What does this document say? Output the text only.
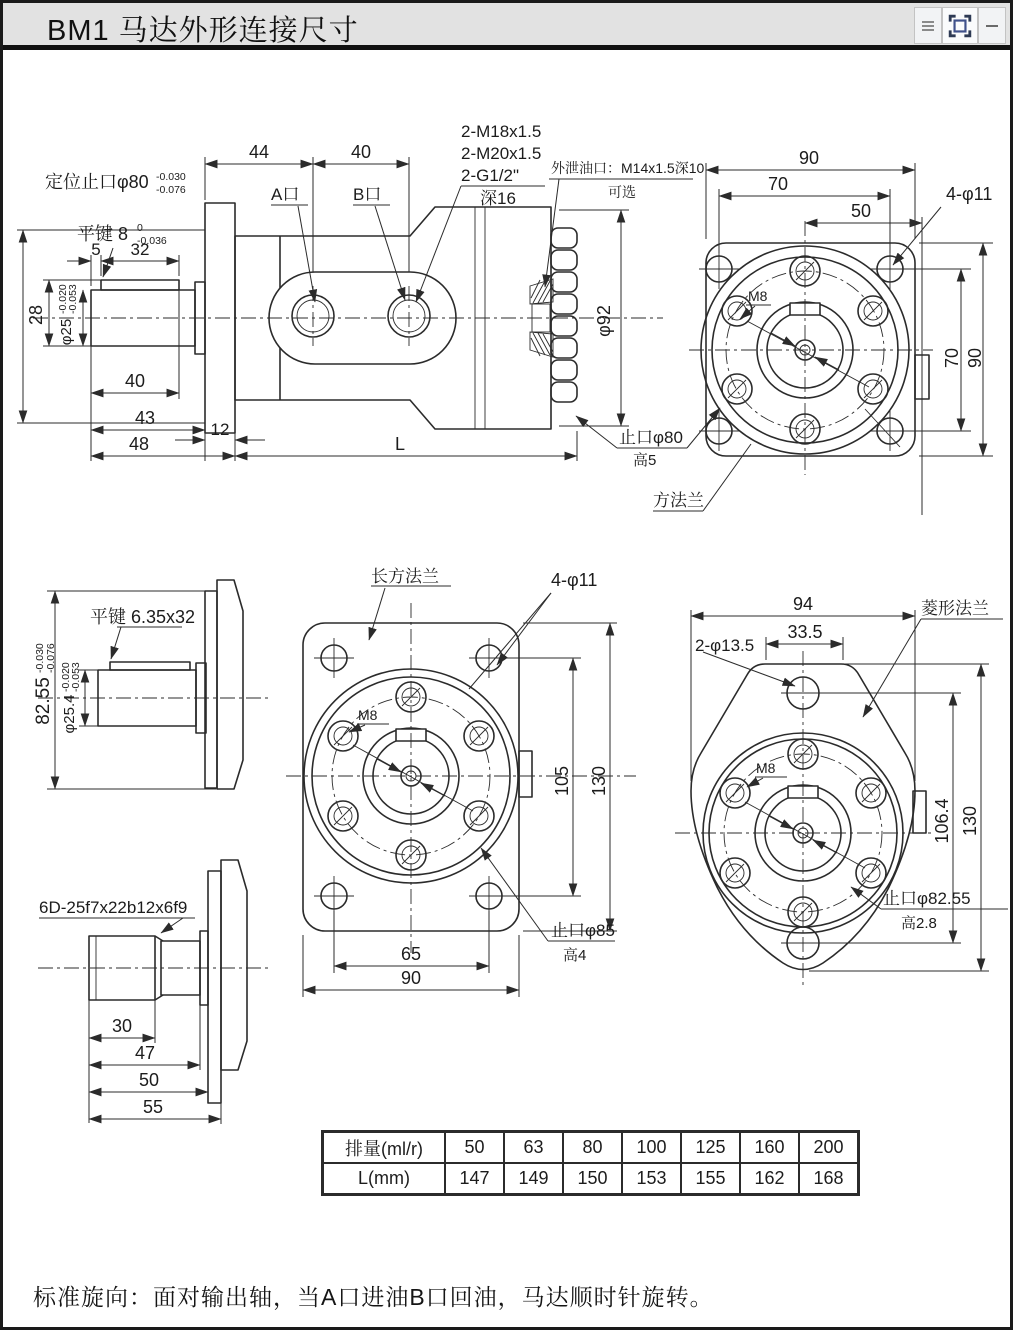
BM1 马达外形连接尺寸
定位止口φ80 -0.030
-0.076
平键 8 0
-0.036
5 32
28
φ25
-0.020
-0.053
44	40
A口	B口
2-M18x1.5
2-M20x1.5
2-G1/2"
深16
外泄油口：M14x1.5深10
可选
φ92
40
43
48
12
L	止口φ80
高5
90
70
50
4-φ11
M8
70 90
方法兰
平键 6.35x32
82.55
-0.030 -0.076
φ25.4
-0.020
-0.053
长方法兰	4-φ11
M8
105 130
65
90
止口φ85
高4
94
33.5
2-φ13.5
菱形法兰
M8
106.4 130
止口φ82.55
高2.8
6D-25f7x22b12x6f9
30
47
50
55
排量(ml/r)	50	63	80	100	125	160	200
L(mm)	147	149	150	153	155	162	168
标准旋向：面对输出轴，当A口进油B口回油，马达顺时针旋转。
